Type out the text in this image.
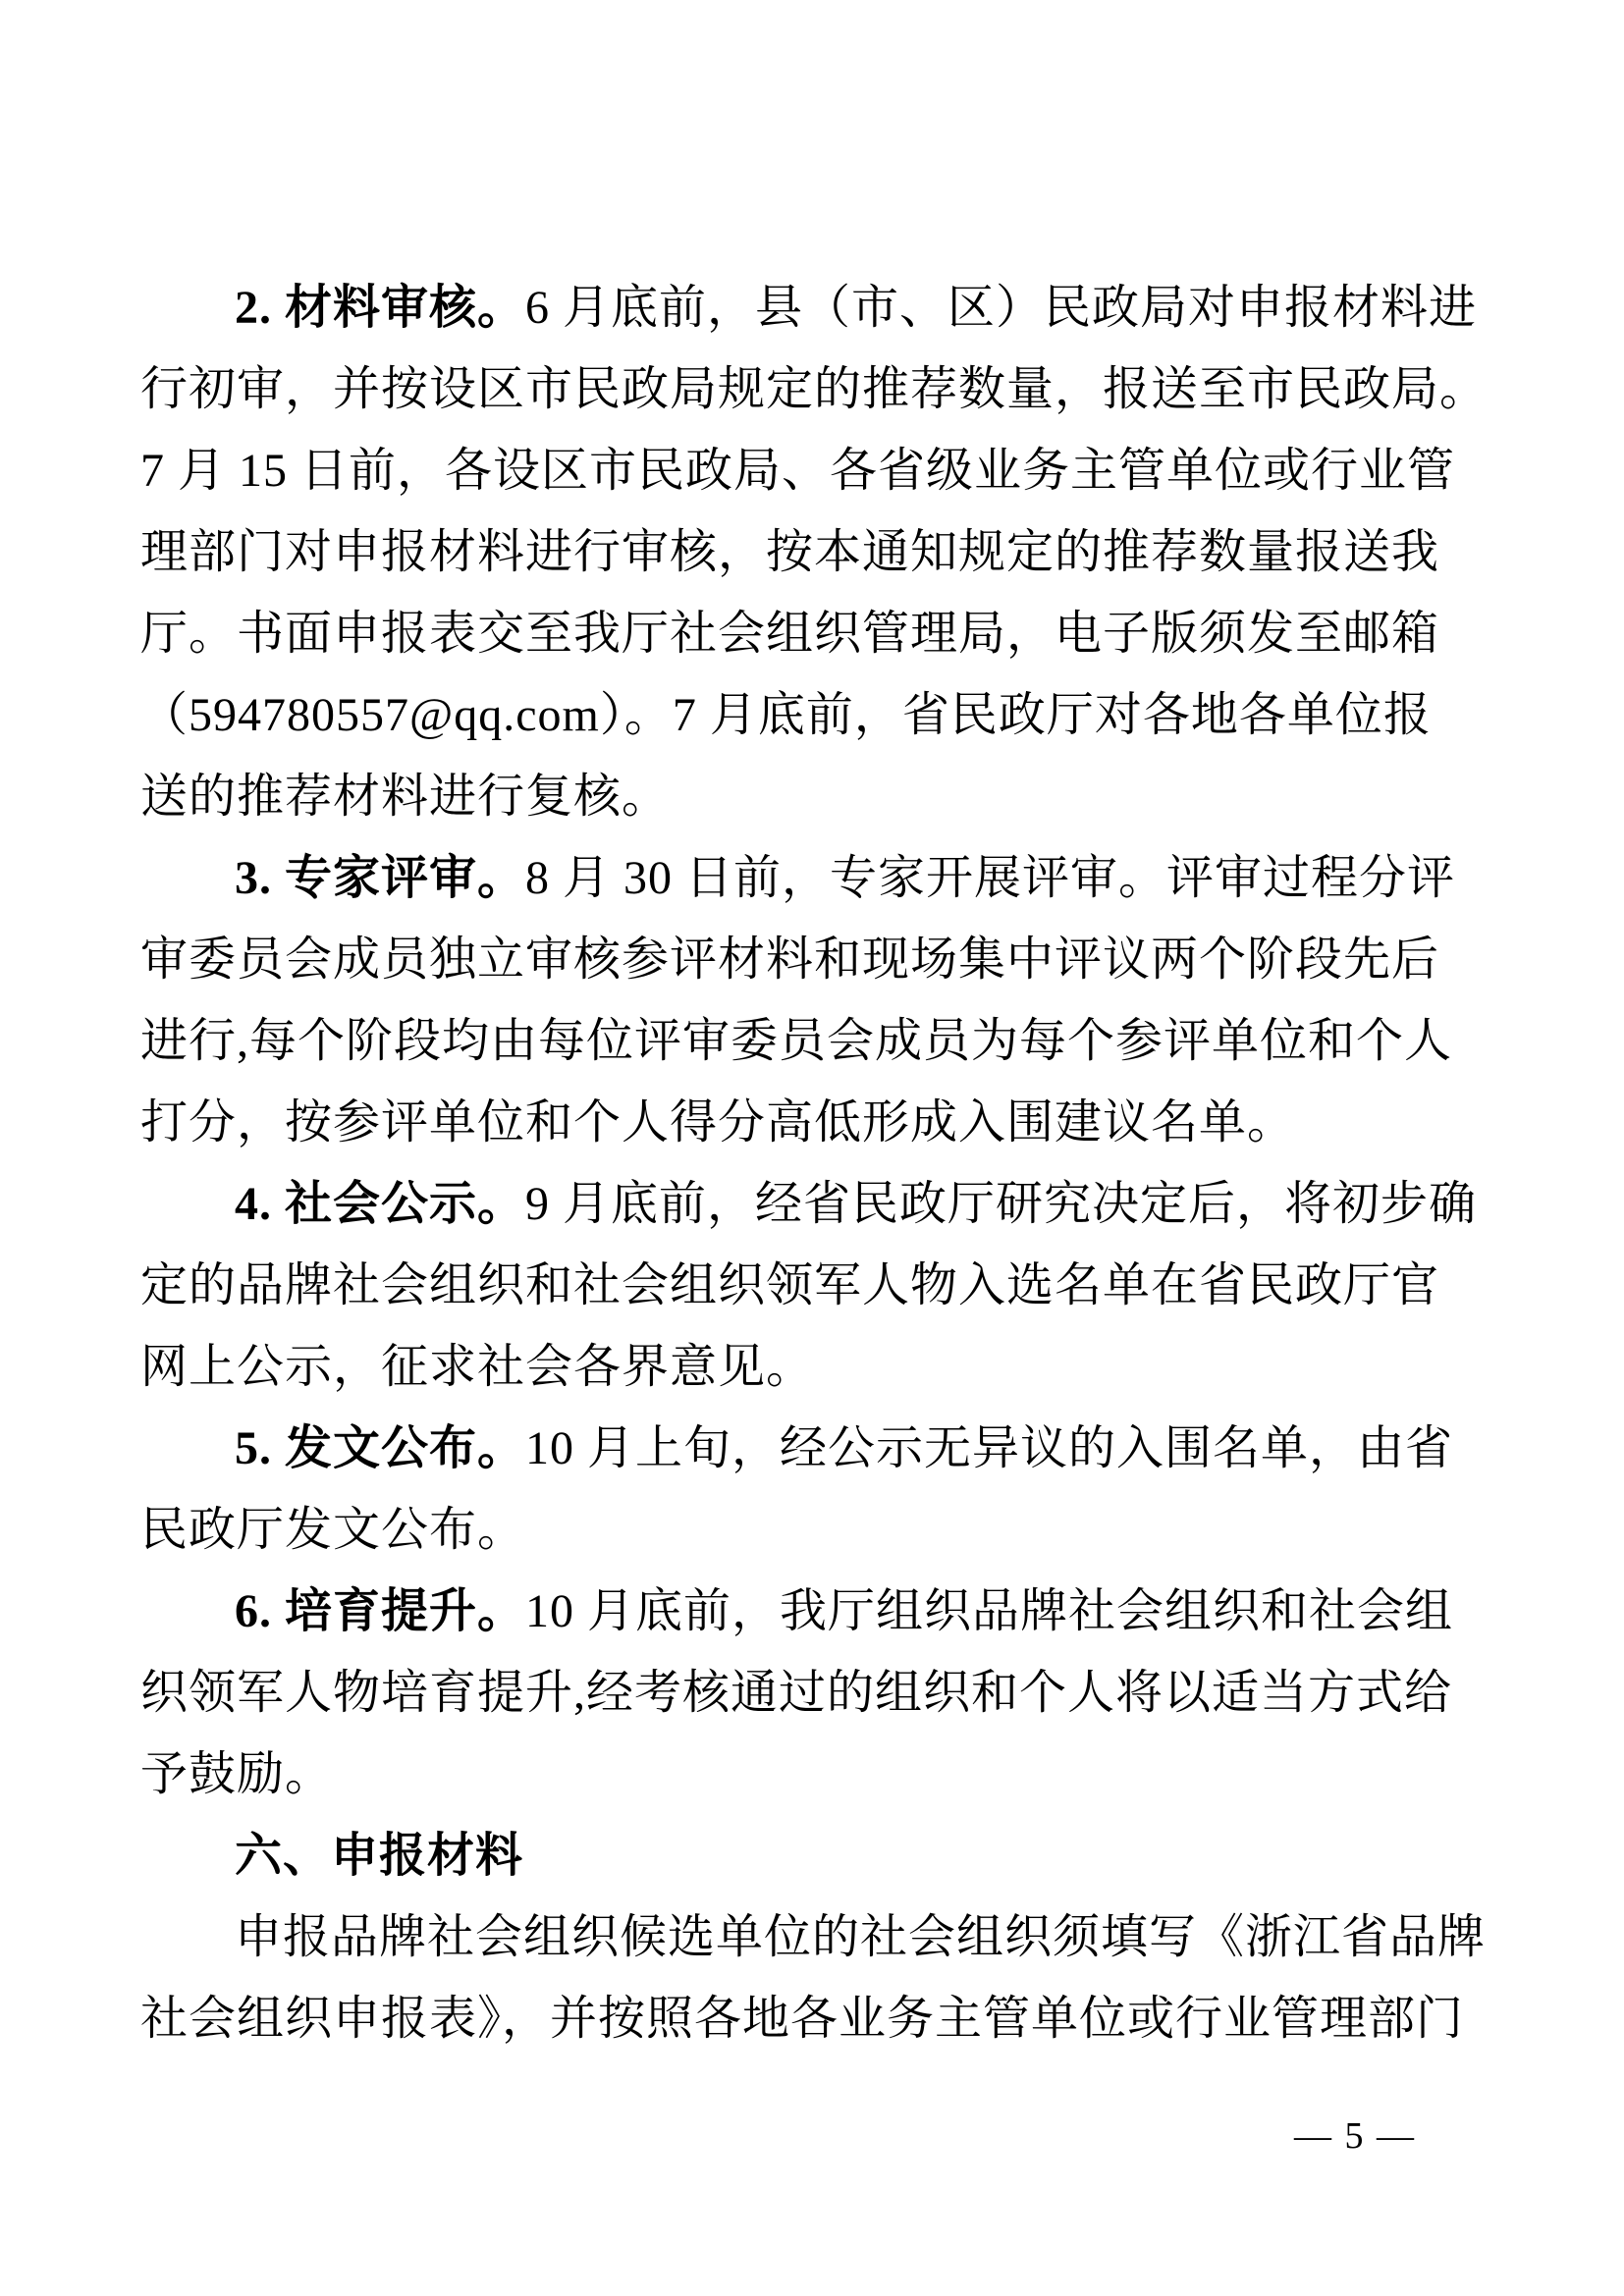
2. 材料审核。6 月底前，县（市、区）民政局对申报材料进
行初审，并按设区市民政局规定的推荐数量，报送至市民政局。
7 月 15 日前，各设区市民政局、各省级业务主管单位或行业管
理部门对申报材料进行审核，按本通知规定的推荐数量报送我
厅。书面申报表交至我厅社会组织管理局，电子版须发至邮箱
（594780557@qq.com）。7 月底前，省民政厅对各地各单位报
送的推荐材料进行复核。
3. 专家评审。8 月 30 日前，专家开展评审。评审过程分评
审委员会成员独立审核参评材料和现场集中评议两个阶段先后
进行,每个阶段均由每位评审委员会成员为每个参评单位和个人
打分，按参评单位和个人得分高低形成入围建议名单。
4. 社会公示。9 月底前，经省民政厅研究决定后，将初步确
定的品牌社会组织和社会组织领军人物入选名单在省民政厅官
网上公示，征求社会各界意见。
5. 发文公布。10 月上旬，经公示无异议的入围名单，由省
民政厅发文公布。
6. 培育提升。10 月底前，我厅组织品牌社会组织和社会组
织领军人物培育提升,经考核通过的组织和个人将以适当方式给
予鼓励。
六、申报材料
申报品牌社会组织候选单位的社会组织须填写《浙江省品牌
社会组织申报表》，并按照各地各业务主管单位或行业管理部门
— 5 —
